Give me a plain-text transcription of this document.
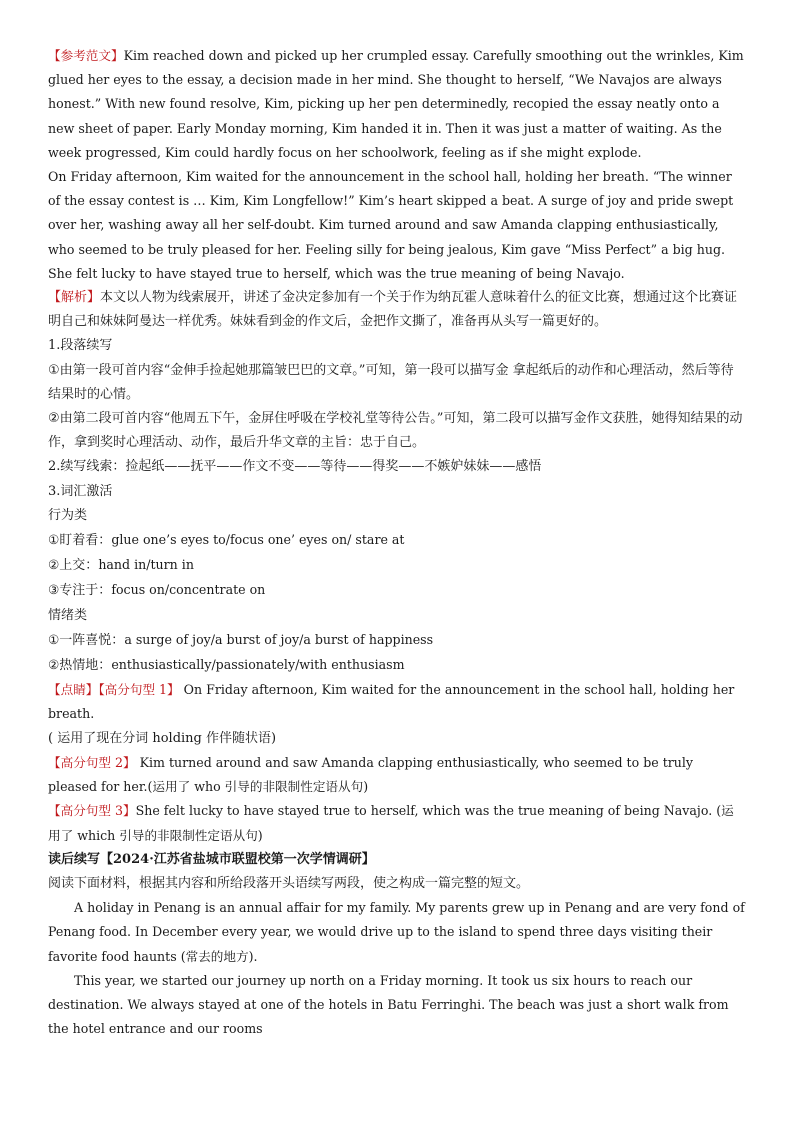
【参考范文】Kim reached down and picked up her crumpled essay. Carefully smoothing out the wrinkles, Kim glued her eyes to the essay, a decision made in her mind. She thought to herself, “We Navajos are always honest.” With new found resolve, Kim, picking up her pen determinedly, recopied the essay neatly onto a new sheet of paper. Early Monday morning, Kim handed it in. Then it was just a matter of waiting. As the week progressed, Kim could hardly focus on her schoolwork, feeling as if she might explode.

On Friday afternoon, Kim waited for the announcement in the school hall, holding her breath. “The winner of the essay contest is … Kim, Kim Longfellow!” Kim’s heart skipped a beat. A surge of joy and pride swept over her, washing away all her self-doubt. Kim turned around and saw Amanda clapping enthusiastically, who seemed to be truly pleased for her. Feeling silly for being jealous, Kim gave “Miss Perfect” a big hug. She felt lucky to have stayed true to herself, which was the true meaning of being Navajo.

【解析】本文以人物为线索展开，讲述了金决定参加有一个关于作为纳瓦霍人意味着什么的征文比赛，想通过这个比赛证明自己和妹妹阿曼达一样优秀。妹妹看到金的作文后，金把作文撕了，准备再从头写一篇更好的。

1.段落续写

①由第一段可首内容“金伸手捡起她那篇皱巴巴的文章。”可知，第一段可以描写金 拿起纸后的动作和心理活动，然后等待结果时的心情。

②由第二段可首内容“他周五下午，金屏住呼吸在学校礼堂等待公告。”可知，第二段可以描写金作文获胜，她得知结果的动作，拿到奖时心理活动、动作，最后升华文章的主旨：忠于自己。

2.续写线索：捡起纸——抚平——作文不变——等待——得奖——不嫉妒妹妹——感悟

3.词汇激活

行为类

①盯着看：glue one’s eyes to/focus one’ eyes on/ stare at

②上交：hand in/turn in

③专注于：focus on/concentrate on

情绪类

①一阵喜悦：a surge of joy/a burst of joy/a burst of happiness

②热情地：enthusiastically/passionately/with enthusiasm

【点睛】【高分句型 1】 On Friday afternoon, Kim waited for the announcement in the school hall, holding her breath.

( 运用了现在分词 holding 作伴随状语)

【高分句型 2】 Kim turned around and saw Amanda clapping enthusiastically, who seemed to be truly pleased for her.(运用了 who 引导的非限制性定语从句)

【高分句型 3】She felt lucky to have stayed true to herself, which was the true meaning of being Navajo. (运用了 which 引导的非限制性定语从句)

读后续写【2024·江苏省盐城市联盟校第一次学情调研】

阅读下面材料，根据其内容和所给段落开头语续写两段，使之构成一篇完整的短文。

A holiday in Penang is an annual affair for my family. My parents grew up in Penang and are very fond of Penang food. In December every year, we would drive up to the island to spend three days visiting their favorite food haunts (常去的地方).

This year, we started our journey up north on a Friday morning. It took us six hours to reach our destination. We always stayed at one of the hotels in Batu Ferringhi. The beach was just a short walk from the hotel entrance and our rooms
